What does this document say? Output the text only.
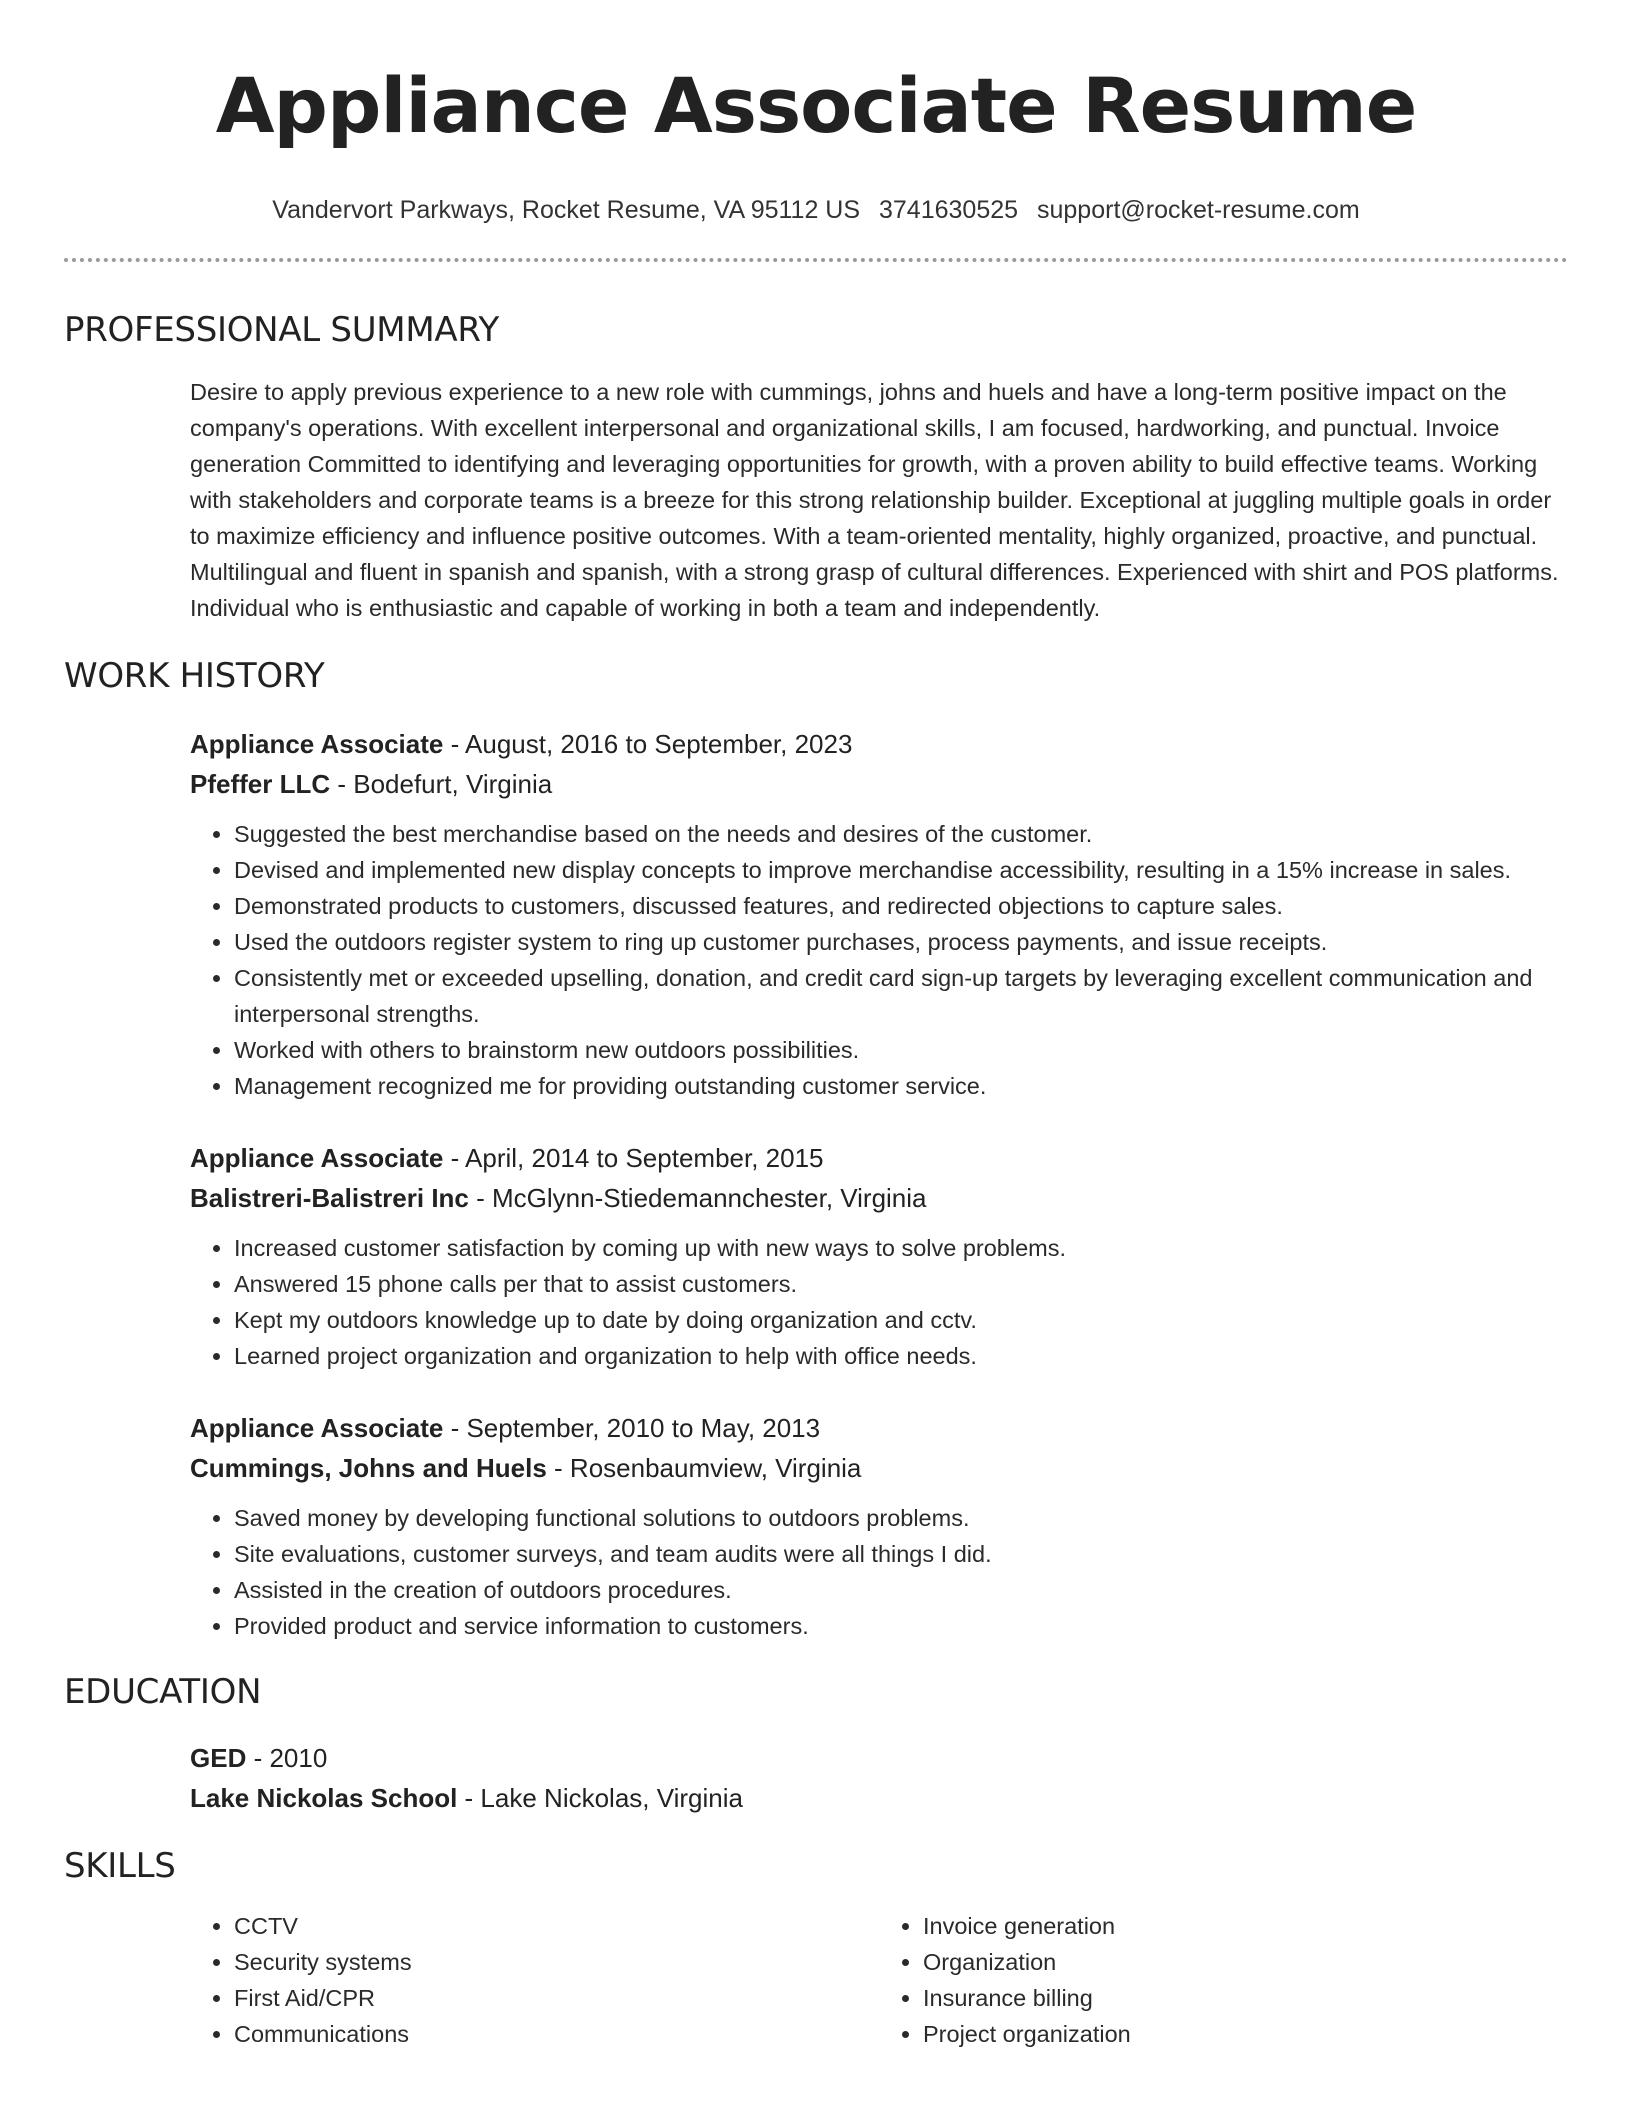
Appliance Associate Resume
Vandervort Parkways, Rocket Resume, VA 95112 US 3741630525 support@rocket-resume.com
PROFESSIONAL SUMMARY

Desire to apply previous experience to a new role with cummings, johns and huels and have a long-term positive impact on the company's operations. With excellent interpersonal and organizational skills, I am focused, hardworking, and punctual. Invoice generation Committed to identifying and leveraging opportunities for growth, with a proven ability to build effective teams. Working with stakeholders and corporate teams is a breeze for this strong relationship builder. Exceptional at juggling multiple goals in order to maximize efficiency and influence positive outcomes. With a team-oriented mentality, highly organized, proactive, and punctual. Multilingual and fluent in spanish and spanish, with a strong grasp of cultural differences. Experienced with shirt and POS platforms. Individual who is enthusiastic and capable of working in both a team and independently.

WORK HISTORY
Appliance Associate - August, 2016 to September, 2023
Pfeffer LLC - Bodefurt, Virginia
• Suggested the best merchandise based on the needs and desires of the customer.
• Devised and implemented new display concepts to improve merchandise accessibility, resulting in a 15% increase in sales.
• Demonstrated products to customers, discussed features, and redirected objections to capture sales.
• Used the outdoors register system to ring up customer purchases, process payments, and issue receipts.
• Consistently met or exceeded upselling, donation, and credit card sign-up targets by leveraging excellent communication and interpersonal strengths.
• Worked with others to brainstorm new outdoors possibilities.
• Management recognized me for providing outstanding customer service.
Appliance Associate - April, 2014 to September, 2015
Balistreri-Balistreri Inc - McGlynn-Stiedemannchester, Virginia
• Increased customer satisfaction by coming up with new ways to solve problems.
• Answered 15 phone calls per that to assist customers.
• Kept my outdoors knowledge up to date by doing organization and cctv.
• Learned project organization and organization to help with office needs.
Appliance Associate - September, 2010 to May, 2013
Cummings, Johns and Huels - Rosenbaumview, Virginia
• Saved money by developing functional solutions to outdoors problems.
• Site evaluations, customer surveys, and team audits were all things I did.
• Assisted in the creation of outdoors procedures.
• Provided product and service information to customers.
EDUCATION
GED - 2010
Lake Nickolas School - Lake Nickolas, Virginia
SKILLS
• CCTV
• Security systems
• First Aid/CPR
• Communications
• Invoice generation
• Organization
• Insurance billing
• Project organization
